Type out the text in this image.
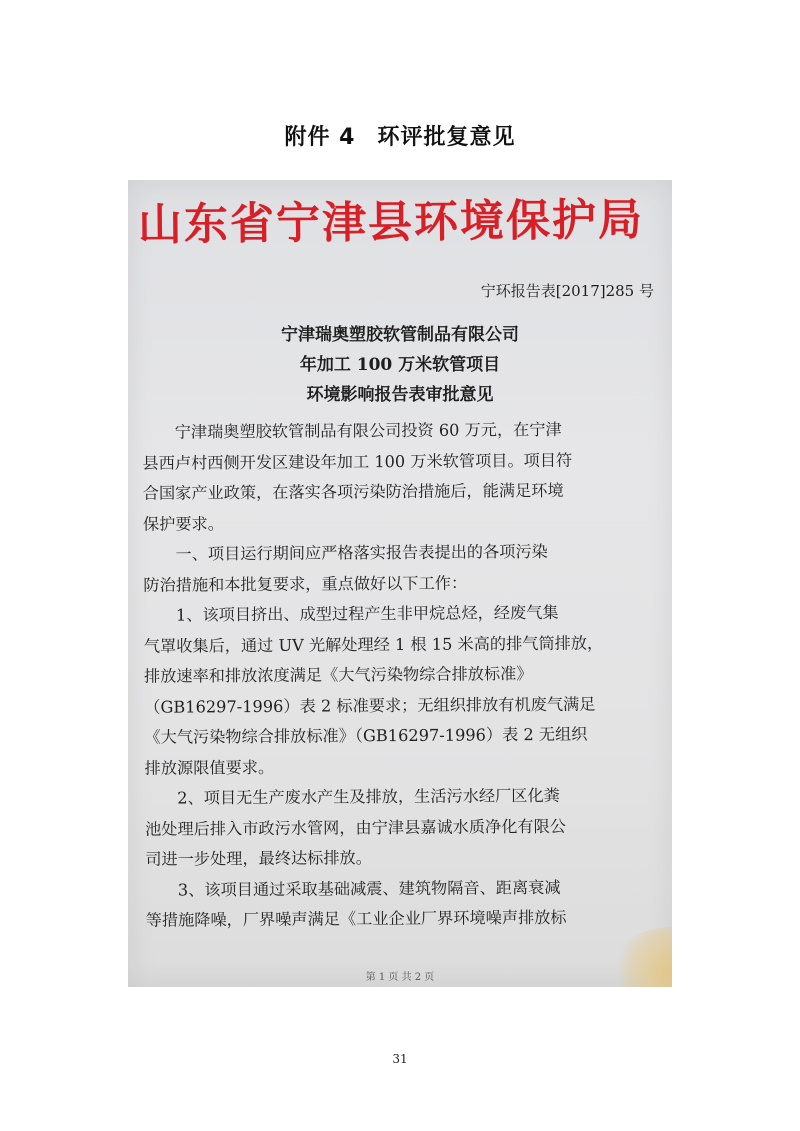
附件 4 环评批复意见
山东省宁津县环境保护局
宁环报告表[2017]285 号
宁津瑞奥塑胶软管制品有限公司
年加工 100 万米软管项目
环境影响报告表审批意见
　　宁津瑞奥塑胶软管制品有限公司投资 60 万元，在宁津
县西卢村西侧开发区建设年加工 100 万米软管项目。项目符
合国家产业政策，在落实各项污染防治措施后，能满足环境
保护要求。
　　一、项目运行期间应严格落实报告表提出的各项污染
防治措施和本批复要求，重点做好以下工作：
　　1、该项目挤出、成型过程产生非甲烷总烃，经废气集
气罩收集后，通过 UV 光解处理经 1 根 15 米高的排气筒排放，
排放速率和排放浓度满足《大气污染物综合排放标准》
（GB16297-1996）表 2 标准要求；无组织排放有机废气满足
《大气污染物综合排放标准》（GB16297-1996）表 2 无组织
排放源限值要求。
　　2、项目无生产废水产生及排放，生活污水经厂区化粪
池处理后排入市政污水管网，由宁津县嘉诚水质净化有限公
司进一步处理，最终达标排放。
　　3、该项目通过采取基础减震、建筑物隔音、距离衰减
等措施降噪，厂界噪声满足《工业企业厂界环境噪声排放标
第 1 页 共 2 页
31
